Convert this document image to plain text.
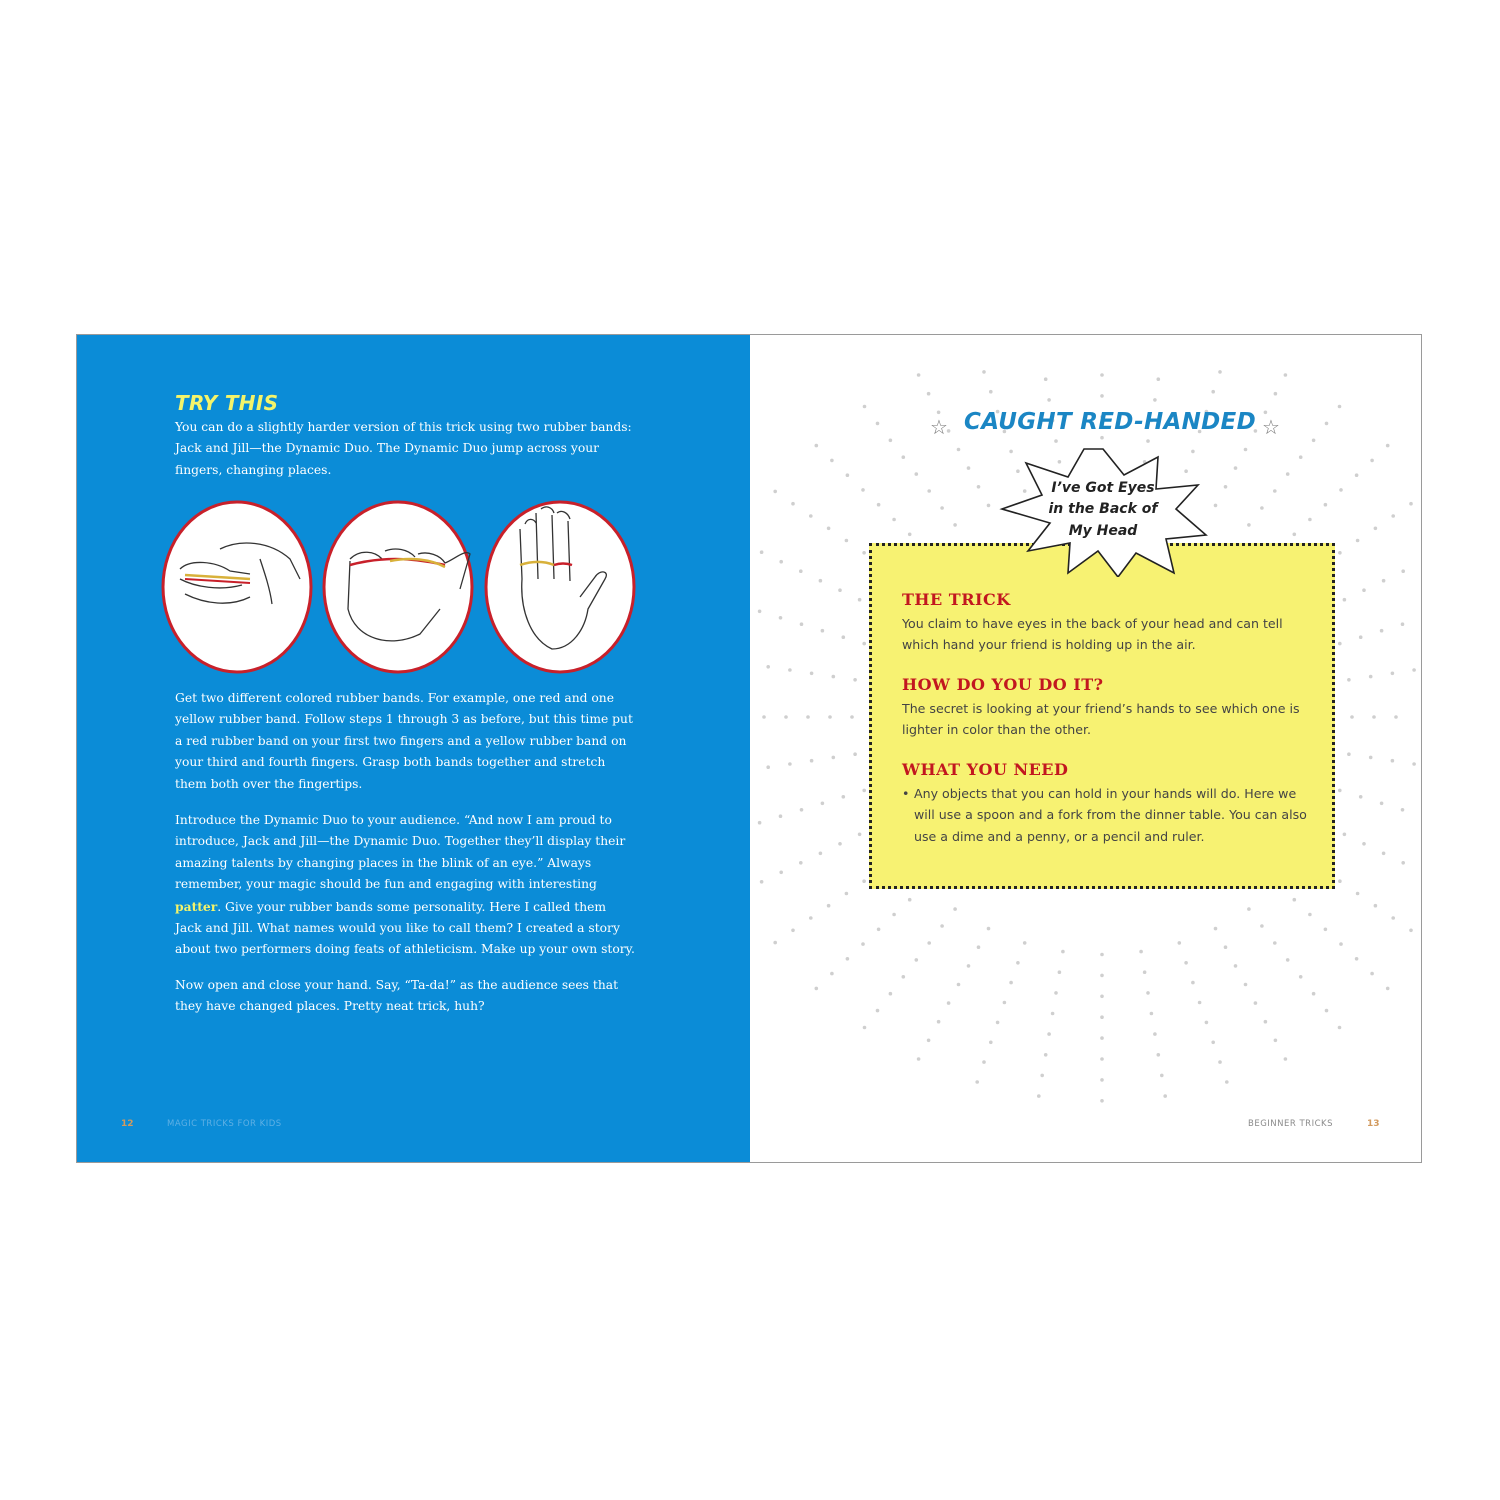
TRY THIS

You can do a slightly harder version of this trick using two rubber bands: Jack and Jill—the Dynamic Duo. The Dynamic Duo jump across your fingers, changing places.

Get two different colored rubber bands. For example, one red and one yellow rubber band. Follow steps 1 through 3 as before, but this time put a red rubber band on your first two fingers and a yellow rubber band on your third and fourth fingers. Grasp both bands together and stretch them both over the fingertips.

Introduce the Dynamic Duo to your audience. “And now I am proud to introduce, Jack and Jill—the Dynamic Duo. Together they’ll display their amazing talents by changing places in the blink of an eye.” Always remember, your magic should be fun and engaging with interesting patter. Give your rubber bands some personality. Here I called them Jack and Jill. What names would you like to call them? I created a story about two performers doing feats of athleticism. Make up your own story.

Now open and close your hand. Say, “Ta-da!” as the audience sees that they have changed places. Pretty neat trick, huh?

12	MAGIC TRICKS FOR KIDS
☆ CAUGHT RED-HANDED ☆
THE TRICK

You claim to have eyes in the back of your head and can tell which hand your friend is holding up in the air.

HOW DO YOU DO IT?

The secret is looking at your friend’s hands to see which one is lighter in color than the other.

WHAT YOU NEED
• Any objects that you can hold in your hands will do. Here we will use a spoon and a fork from the dinner table. You can also use a dime and a penny, or a pencil and ruler.

I’ve Got Eyes
in the Back of
My Head

BEGINNER TRICKS	13
